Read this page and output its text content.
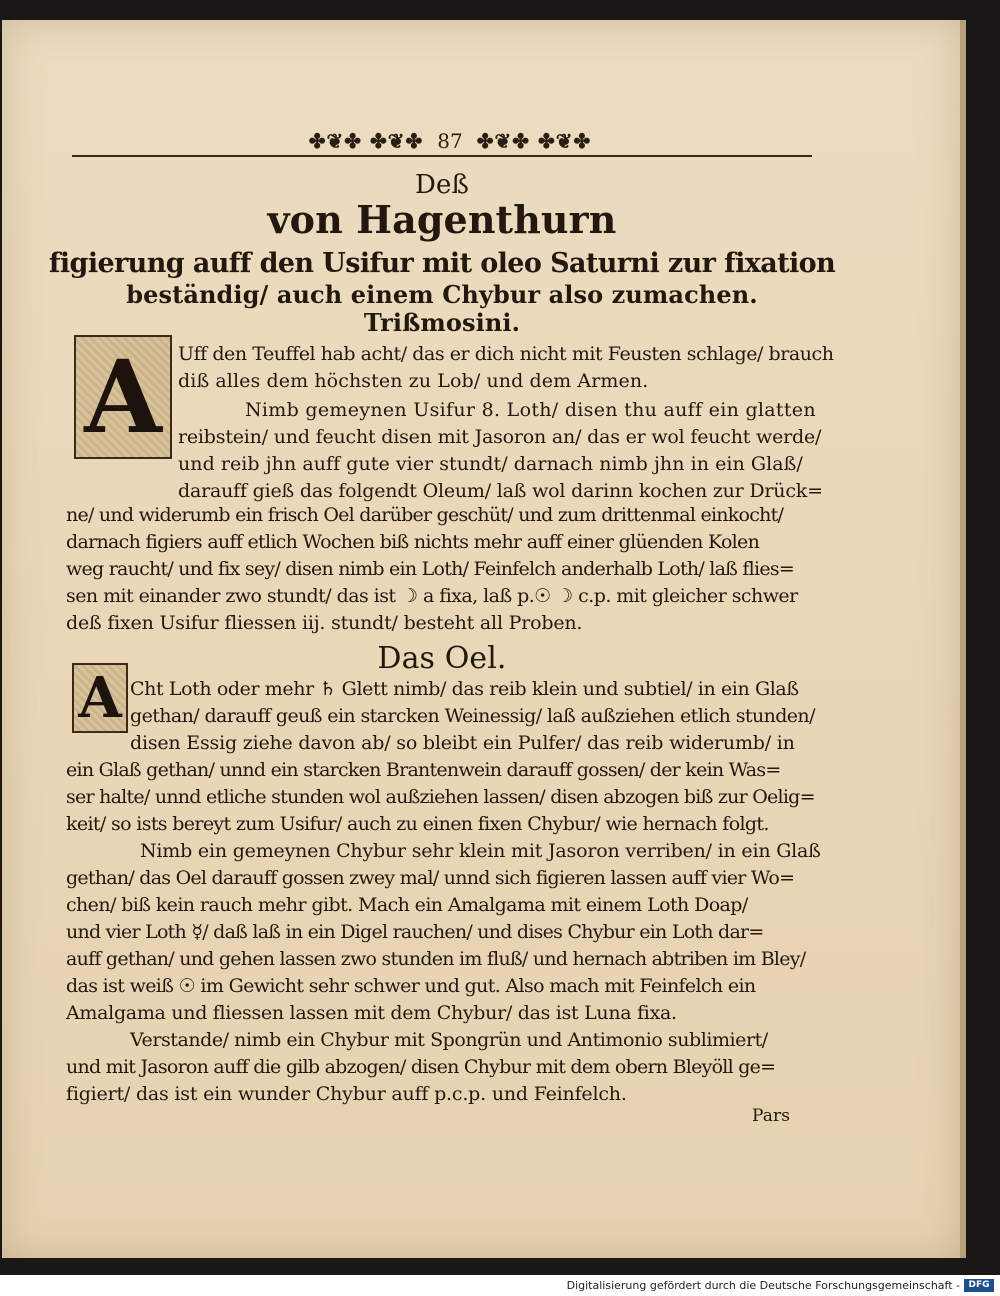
✤❦✤ ✤❦✤ 87 ✤❦✤ ✤❦✤
Deß
von Hagenthurn
figierung auff den Usifur mit oleo Saturni zur fixation
beständig/ auch einem Chybur also zumachen.
Trißmosini.
A Uff den Teuffel hab acht/ das er dich nicht mit Feusten schlage/ brauch
diß alles dem höchsten zu Lob/ und dem Armen.
Nimb gemeynen Usifur 8. Loth/ disen thu auff ein glatten
reibstein/ und feucht disen mit Jasoron an/ das er wol feucht werde/
und reib jhn auff gute vier stundt/ darnach nimb jhn in ein Glaß/
darauff gieß das folgendt Oleum/ laß wol darinn kochen zur Drück=
ne/ und widerumb ein frisch Oel darüber geschüt/ und zum drittenmal einkocht/
darnach figiers auff etlich Wochen biß nichts mehr auff einer glüenden Kolen
weg raucht/ und fix sey/ disen nimb ein Loth/ Feinfelch anderhalb Loth/ laß flies=
sen mit einander zwo stundt/ das ist ☽ a fixa, laß p.☉ ☽ c.p. mit gleicher schwer
deß fixen Usifur fliessen iij. stundt/ besteht all Proben.
Das Oel.
A Cht Loth oder mehr ♄ Glett nimb/ das reib klein und subtiel/ in ein Glaß
gethan/ darauff geuß ein starcken Weinessig/ laß außziehen etlich stunden/
disen Essig ziehe davon ab/ so bleibt ein Pulfer/ das reib widerumb/ in
ein Glaß gethan/ unnd ein starcken Brantenwein darauff gossen/ der kein Was=
ser halte/ unnd etliche stunden wol außziehen lassen/ disen abzogen biß zur Oelig=
keit/ so ists bereyt zum Usifur/ auch zu einen fixen Chybur/ wie hernach folgt.
Nimb ein gemeynen Chybur sehr klein mit Jasoron verriben/ in ein Glaß
gethan/ das Oel darauff gossen zwey mal/ unnd sich figieren lassen auff vier Wo=
chen/ biß kein rauch mehr gibt. Mach ein Amalgama mit einem Loth Doap/
und vier Loth ☿/ daß laß in ein Digel rauchen/ und dises Chybur ein Loth dar=
auff gethan/ und gehen lassen zwo stunden im fluß/ und hernach abtriben im Bley/
das ist weiß ☉ im Gewicht sehr schwer und gut. Also mach mit Feinfelch ein
Amalgama und fliessen lassen mit dem Chybur/ das ist Luna fixa.
Verstande/ nimb ein Chybur mit Spongrün und Antimonio sublimiert/
und mit Jasoron auff die gilb abzogen/ disen Chybur mit dem obern Bleyöll ge=
figiert/ das ist ein wunder Chybur auff p.c.p. und Feinfelch.
Pars
Digitalisierung gefördert durch die Deutsche Forschungsgemeinschaft - DFG
